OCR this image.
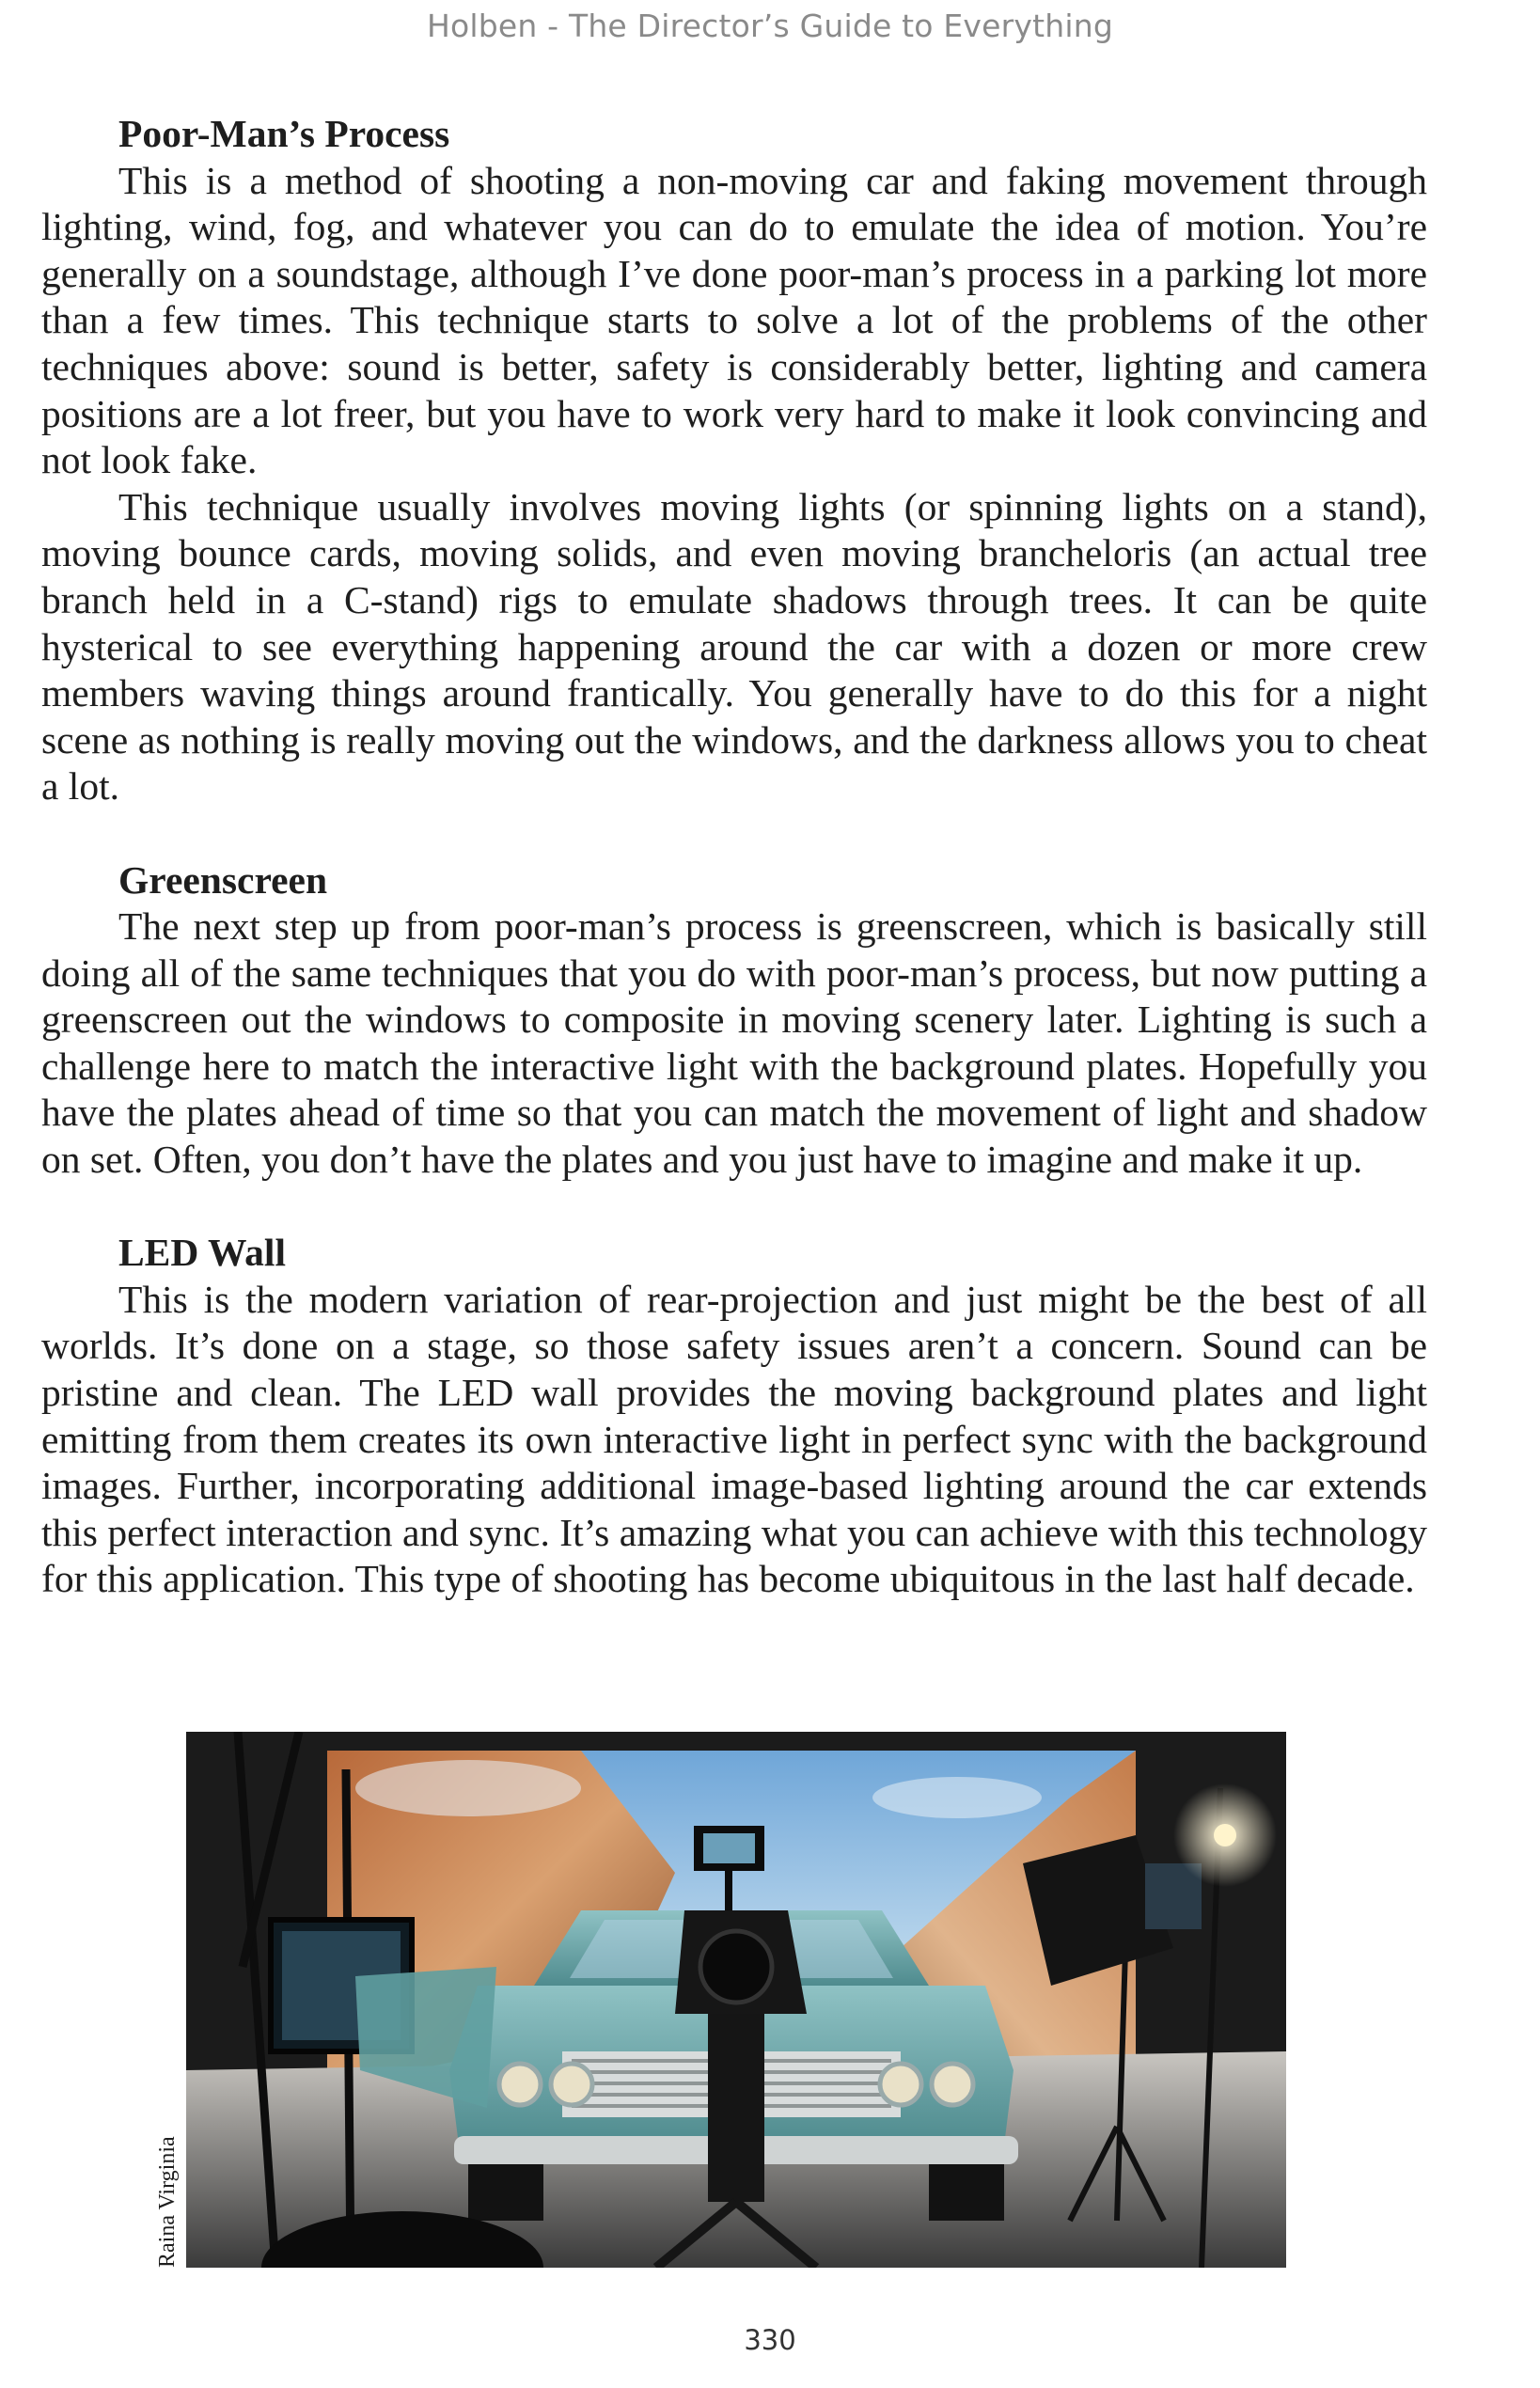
Holben - The Director’s Guide to Everything
Poor-Man’s Process

This is a method of shooting a non-moving car and faking movement through lighting, wind, fog, and whatever you can do to emulate the idea of motion. You’re generally on a soundstage, although I’ve done poor-man’s process in a parking lot more than a few times. This technique starts to solve a lot of the problems of the other techniques above: sound is better, safety is considerably better, lighting and camera positions are a lot freer, but you have to work very hard to make it look convincing and not look fake.

This technique usually involves moving lights (or spinning lights on a stand), moving bounce cards, moving solids, and even moving brancheloris (an actual tree branch held in a C-stand) rigs to emulate shadows through trees. It can be quite hysterical to see everything happening around the car with a dozen or more crew members waving things around frantically. You generally have to do this for a night scene as nothing is really moving out the windows, and the darkness allows you to cheat a lot.

Greenscreen

The next step up from poor-man’s process is greenscreen, which is basically still doing all of the same techniques that you do with poor-man’s process, but now putting a greenscreen out the windows to composite in moving scenery later. Lighting is such a challenge here to match the interactive light with the background plates. Hopefully you have the plates ahead of time so that you can match the movement of light and shadow on set. Often, you don’t have the plates and you just have to imagine and make it up.

LED Wall

This is the modern variation of rear-projection and just might be the best of all worlds. It’s done on a stage, so those safety issues aren’t a concern. Sound can be pristine and clean. The LED wall provides the moving background plates and light emitting from them creates its own interactive light in perfect sync with the background images. Further, incorporating additional image-based lighting around the car extends this perfect interaction and sync. It’s amazing what you can achieve with this technology for this application. This type of shooting has become ubiquitous in the last half decade.

Raina Virginia
330
